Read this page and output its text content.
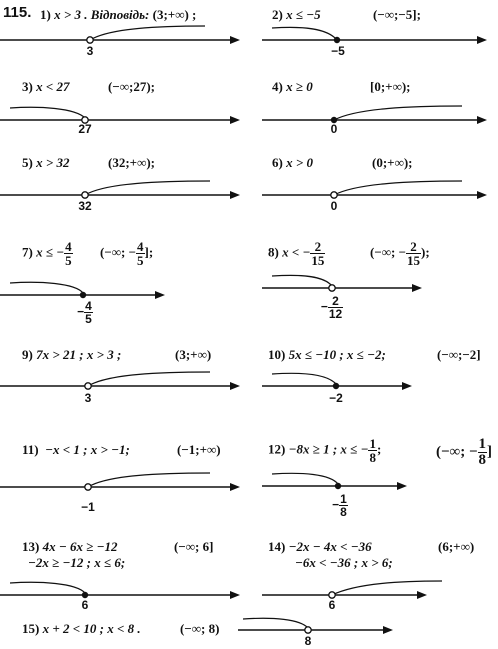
115. 1) x > 3 . Відповідь: (3;+∞) ;
3
2) x ≤ −5	(−∞;−5];
−5
3) x < 27	(−∞;27);
27
4) x ≥ 0	[0;+∞);
0
5) x > 32	(32;+∞);
32
6) x > 0	(0;+∞);
0
7) x ≤ − $\frac{4}{5}$ (−∞; − $\frac{4}{5}$ ];
− $\frac{4}{5}$
8) x < − $\frac{2}{15}$	(−∞; − $\frac{2}{15}$ );
− $\frac{2}{12}$
9) 7x > 21 ; x > 3 ;	(3;+∞)
3
10) 5x ≤ −10 ; x ≤ −2;	(−∞;−2]
−2
11) −x < 1 ; x > −1;	(−1;+∞)
−1
12) −8x ≥ 1 ; x ≤ − $\frac{1}{8}$ ;	(−∞; − $\frac{1}{8}$ ]
− $\frac{1}{8}$
13) 4x − 6x ≥ −12
−2x ≥ −12 ; x ≤ 6;
(−∞; 6]
6
14) −2x − 4x < −36
−6x < −36 ; x > 6;
(6;+∞)
6
15) x + 2 < 10 ; x < 8 .	(−∞; 8)
8
